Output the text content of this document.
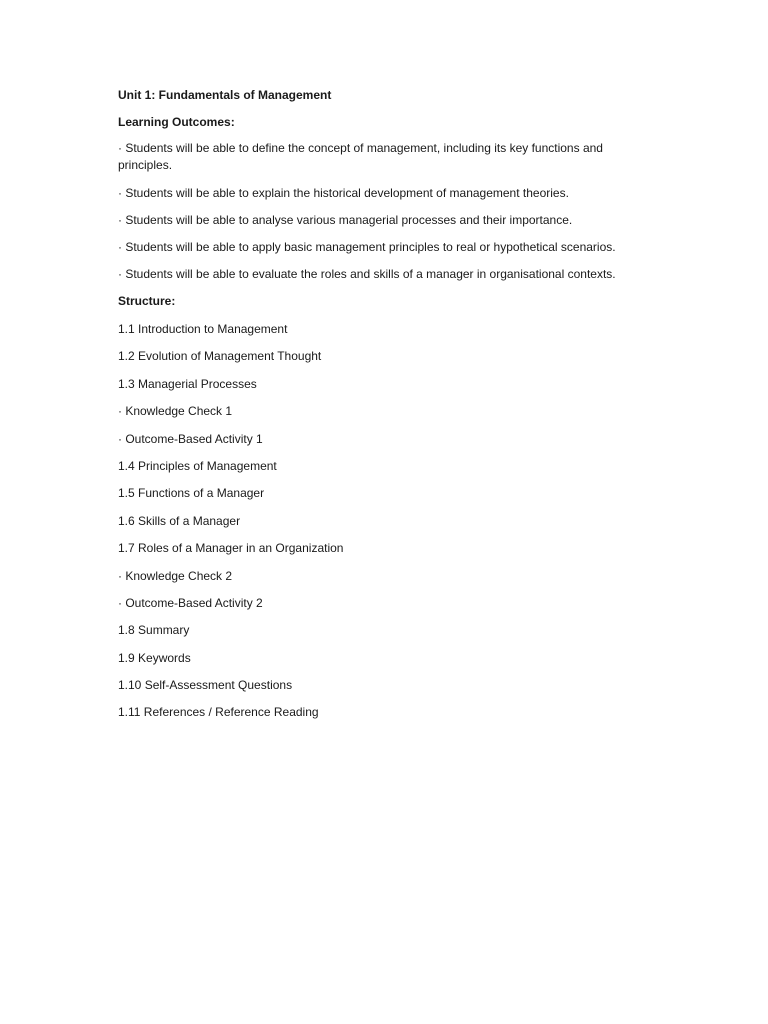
Unit 1: Fundamentals of Management

Learning Outcomes:

· Students will be able to define the concept of management, including its key functions and principles.

· Students will be able to explain the historical development of management theories.

· Students will be able to analyse various managerial processes and their importance.

· Students will be able to apply basic management principles to real or hypothetical scenarios.

· Students will be able to evaluate the roles and skills of a manager in organisational contexts.

Structure:

1.1 Introduction to Management

1.2 Evolution of Management Thought

1.3 Managerial Processes

· Knowledge Check 1

· Outcome-Based Activity 1

1.4 Principles of Management

1.5 Functions of a Manager

1.6 Skills of a Manager

1.7 Roles of a Manager in an Organization

· Knowledge Check 2

· Outcome-Based Activity 2

1.8 Summary

1.9 Keywords

1.10 Self-Assessment Questions

1.11 References / Reference Reading
